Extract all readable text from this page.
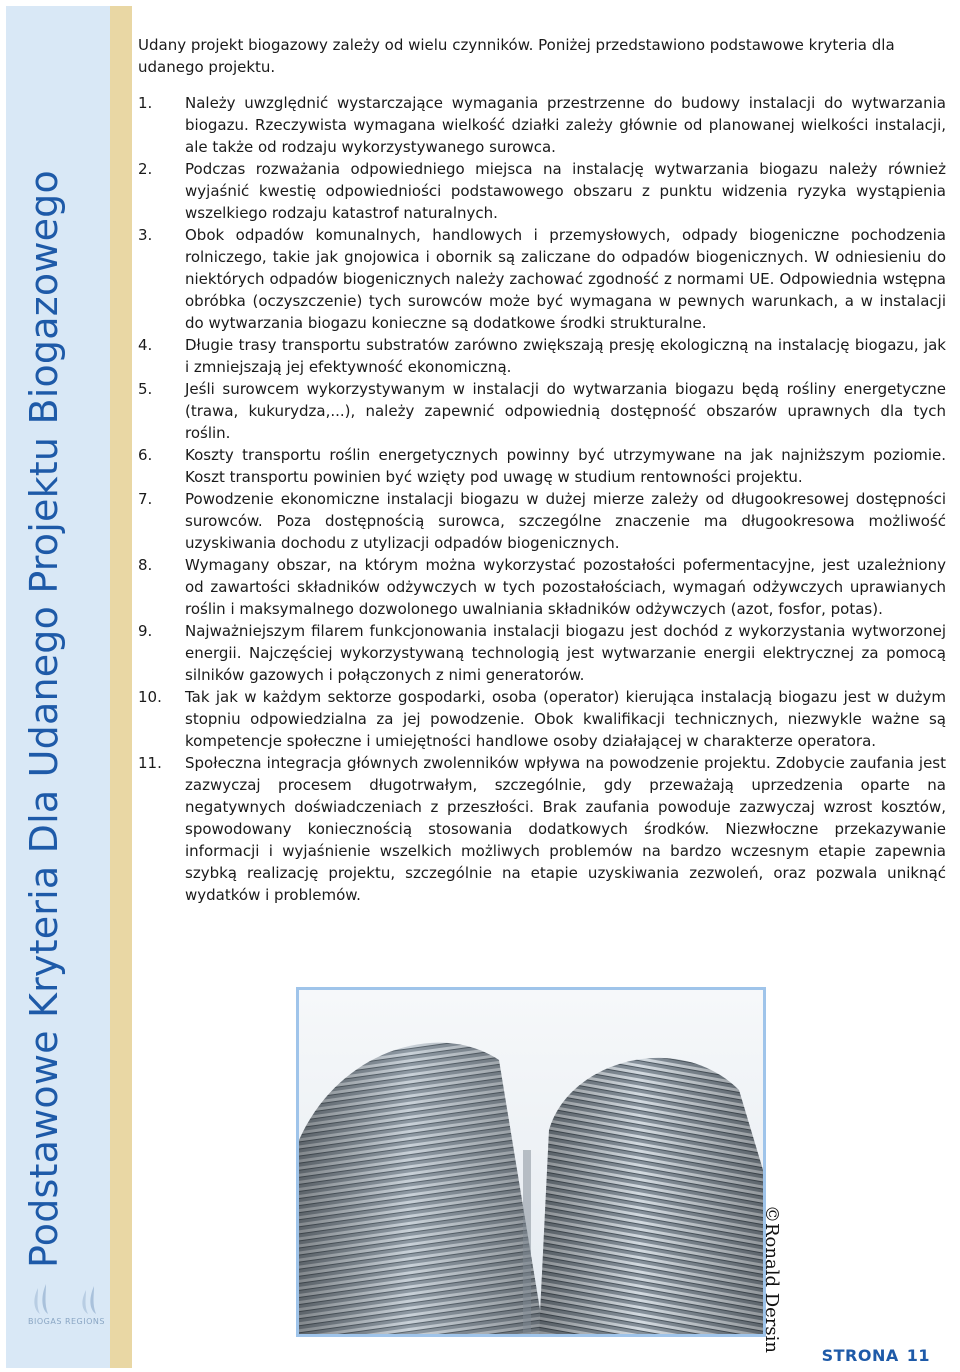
Podstawowe Kryteria Dla Udanego Projektu Biogazowego
BIOGAS REGIONS

Udany projekt biogazowy zależy od wielu czynników. Poniżej przedstawiono podstawowe kryteria dla udanego projektu.

1.	Należy uwzględnić wystarczające wymagania przestrzenne do budowy instalacji do wytwarzania biogazu. Rzeczywista wymagana wielkość działki zależy głównie od planowanej wielkości instalacji, ale także od rodzaju wykorzystywanego surowca.
2.	Podczas rozważania odpowiedniego miejsca na instalację wytwarzania biogazu należy również wyjaśnić kwestię odpowiedniości podstawowego obszaru z punktu widzenia ryzyka wystąpienia wszelkiego rodzaju katastrof naturalnych.
3.	Obok odpadów komunalnych, handlowych i przemysłowych, odpady biogeniczne pochodzenia rolniczego, takie jak gnojowica i obornik są zaliczane do odpadów biogenicznych. W odniesieniu do niektórych odpadów biogenicznych należy zachować zgodność z normami UE. Odpowiednia wstępna obróbka (oczyszczenie) tych surowców może być wymagana w pewnych warunkach, a w instalacji do wytwarzania biogazu konieczne są dodatkowe środki strukturalne.
4.	Długie trasy transportu substratów zarówno zwiększają presję ekologiczną na instalację biogazu, jak i zmniejszają jej efektywność ekonomiczną.
5.	Jeśli surowcem wykorzystywanym w instalacji do wytwarzania biogazu będą rośliny energetyczne (trawa, kukurydza,...), należy zapewnić odpowiednią dostępność obszarów uprawnych dla tych roślin.
6.	Koszty transportu roślin energetycznych powinny być utrzymywane na jak najniższym poziomie. Koszt transportu powinien być wzięty pod uwagę w studium rentowności projektu.
7.	Powodzenie ekonomiczne instalacji biogazu w dużej mierze zależy od długookresowej dostępności surowców. Poza dostępnością surowca, szczególne znaczenie ma długookresowa możliwość uzyskiwania dochodu z utylizacji odpadów biogenicznych.
8.	Wymagany obszar, na którym można wykorzystać pozostałości pofermentacyjne, jest uzależniony od zawartości składników odżywczych w tych pozostałościach, wymagań odżywczych uprawianych roślin i maksymalnego dozwolonego uwalniania składników odżywczych (azot, fosfor, potas).
9.	Najważniejszym filarem funkcjonowania instalacji biogazu jest dochód z wykorzystania wytworzonej energii. Najczęściej wykorzystywaną technologią jest wytwarzanie energii elektrycznej za pomocą silników gazowych i połączonych z nimi generatorów.
10.	Tak jak w każdym sektorze gospodarki, osoba (operator) kierująca instalacją biogazu jest w dużym stopniu odpowiedzialna za jej powodzenie. Obok kwalifikacji technicznych, niezwykle ważne są kompetencje społeczne i umiejętności handlowe osoby działającej w charakterze operatora.
11.	Społeczna integracja głównych zwolenników wpływa na powodzenie projektu. Zdobycie zaufania jest zazwyczaj procesem długotrwałym, szczególnie, gdy przeważają uprzedzenia oparte na negatywnych doświadczeniach z przeszłości. Brak zaufania powoduje zazwyczaj wzrost kosztów, spowodowany koniecznością stosowania dodatkowych środków. Niezwłoczne przekazywanie informacji i wyjaśnienie wszelkich możliwych problemów na bardzo wczesnym etapie zapewnia szybką realizację projektu, szczególnie na etapie uzyskiwania zezwoleń, oraz pozwala uniknąć wydatków i problemów.
©Ronald Dersin
STRONA 11
